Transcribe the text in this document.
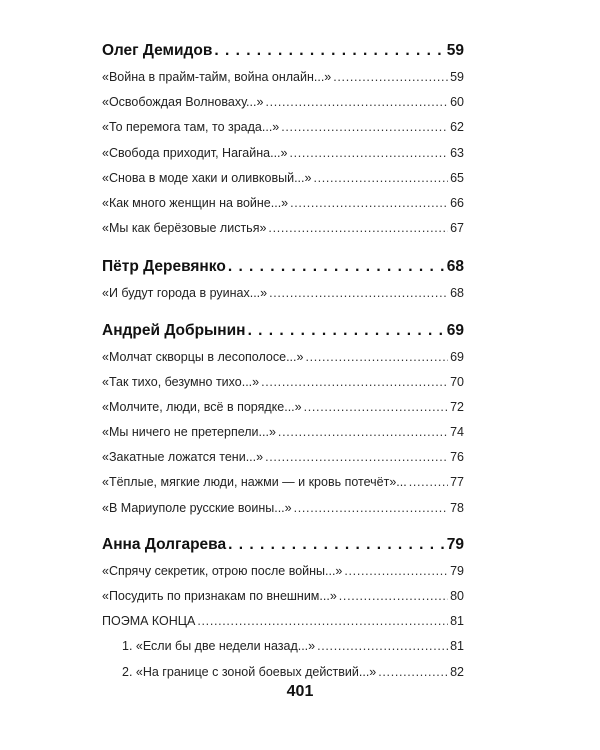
Олег Демидов . . .	59
«Война в прайм-тайм, война онлайн...» . . .	59
«Освобождая Волноваху...» . . .	60
«То перемога там, то зрада...» . . .	62
«Свобода приходит, Нагайна...» . . .	63
«Снова в моде хаки и оливковый...» . . .	65
«Как много женщин на войне...» . . .	66
«Мы как берёзовые листья» . . .	67
Пётр Деревянко . . .	68
«И будут города в руинах...» . . .	68
Андрей Добрынин . . .	69
«Молчат скворцы в лесополосе...» . . .	69
«Так тихо, безумно тихо...» . . .	70
«Молчите, люди, всё в порядке...» . . .	72
«Мы ничего не претерпели...» . . .	74
«Закатные ложатся тени...» . . .	76
«Тёплые, мягкие люди, нажми — и кровь потечёт»... . . .	77
«В Мариуполе русские воины...» . . .	78
Анна Долгарева . . .	79
«Спрячу секретик, отрою после войны...» . . .	79
«Посудить по признакам по внешним...» . . .	80
ПОЭМА КОНЦА . . .	81
1. «Если бы две недели назад...» . . .	81
2. «На границе с зоной боевых действий...» . . .	82
401
